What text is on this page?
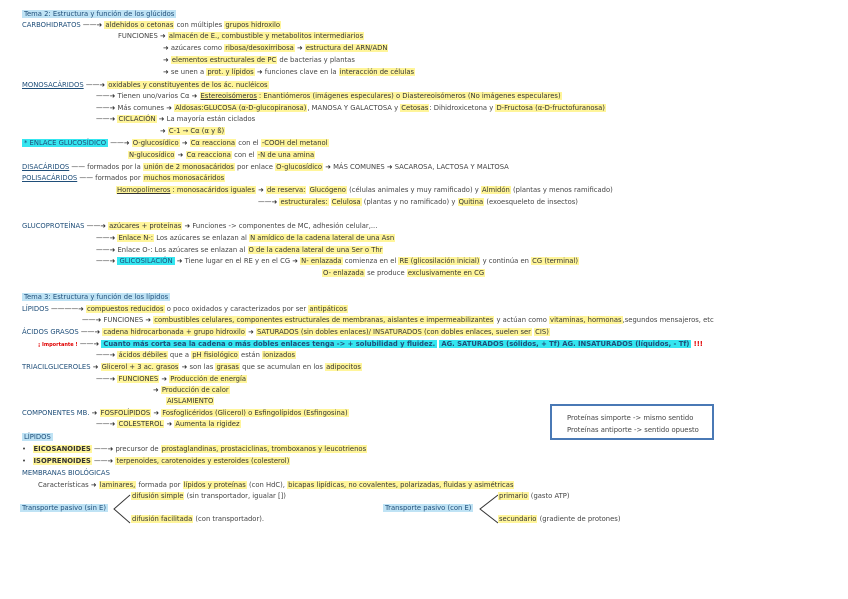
Tema 2: Estructura y función de los glúcidos
CARBOHIDRATOS ——➜ aldehidos o cetonas con múltiples grupos hidroxilo
FUNCIONES ➜ almacén de E., combustible y metabolitos intermediarios
➜ azúcares como ribosa/desoxirribosa ➜ estructura del ARN/ADN
➜ elementos estructurales de PC de bacterias y plantas
➜ se unen a prot. y lípidos ➜ funciones clave en la interacción de células
MONOSACÁRIDOS ——➜ oxidables y constituyentes de los ác. nucléicos
——➜ Tienen uno/varios Cα ➜ Estereoisómeros : Enantiómeros (imágenes especulares) o Diastereoisómeros (No imágenes especulares)
——➜ Más comunes ➜ Aldosas:GLUCOSA (α-D-glucopiranosa), MANOSA Y GALACTOSA y Cetosas: Dihidroxicetona y D-Fructosa (α-D-fructofuranosa)
——➜ CICLACIÓN ➜ La mayoría están ciclados
➜ C-1 → Cα (α y ß)
* ENLACE GLUCOSÍDICO ——➜ O-glucosídico ➜ Cα reacciona con el -COOH del metanol
N-glucosídico ➜ Cα reacciona con el -N de una amina
DISACÁRIDOS —— formados por la unión de 2 monosacáridos por enlace O-glucosídico ➜ MÁS COMUNES ➜ SACAROSA, LACTOSA Y MALTOSA
POLISACÁRIDOS —— formados por muchos monosacáridos
Homopolímeros : monosacáridos iguales ➜ de reserva: Glucógeno (células animales y muy ramificado) y Almidón (plantas y menos ramificado)
——➜ estructurales: Celulosa (plantas y no ramificado) y Quitina (exoesqueleto de insectos)
GLUCOPROTEÍNAS ——➜ azúcares + proteínas ➜ Funciones -> componentes de MC, adhesión celular,...
——➜ Enlace N-: Los azúcares se enlazan al N amídico de la cadena lateral de una Asn
——➜ Enlace O-: Los azúcares se enlazan al O de la cadena lateral de una Ser o Thr
——➜ GLICOSILACIÓN ➜ Tiene lugar en el RE y en el CG ➜ N- enlazada comienza en el RE (glicosilación inicial) y continúa en CG (terminal)
O- enlazada se produce exclusivamente en CG
Tema 3: Estructura y función de los lípidos
LÍPIDOS ————➜ compuestos reducidos o poco oxidados y caracterizados por ser antipáticos
——➜ FUNCIONES ➜ combustibles celulares, componentes estructurales de membranas, aislantes e impermeabilizantes y actúan como vitaminas, hormonas,segundos mensajeros, etc
ÁCIDOS GRASOS ——➜ cadena hidrocarbonada + grupo hidroxilo ➜ SATURADOS (sin dobles enlaces)/ INSATURADOS (con dobles enlaces, suelen ser CIS)
¡ Importante ! ——➜ Cuanto más corta sea la cadena o más dobles enlaces tenga -> + solubilidad y fluidez. AG. SATURADOS (sólidos, + Tf) AG. INSATURADOS (líquidos, - Tf) !!!
——➜ ácidos débiles que a pH fisiológico están ionizados
TRIACILGLICEROLES ➜ Glicerol + 3 ac. grasos ➜ son las grasas que se acumulan en los adipocitos
——➜ FUNCIONES ➜ Producción de energía
➜ Producción de calor
AISLAMIENTO
COMPONENTES MB. ➜ FOSFOLÍPIDOS ➜ Fosfoglicéridos (Glicerol) o Esfingolípidos (Esfingosina)
——➜ COLESTEROL ➜ Aumenta la rigidez
LÍPIDOS
•   EICOSANOIDES ——➜ precursor de prostaglandinas, prostaciclinas, tromboxanos y leucotrienos
•   ISOPRENOIDES ——➜ terpenoides, carotenoides y esteroides (colesterol)
MEMBRANAS BIOLÓGICAS
Características ➜ laminares, formada por lípidos y proteínas (con HdC), bicapas lipídicas, no covalentes, polarizadas, fluidas y asimétricas
Transporte pasivo (sin E)
difusión simple (sin transportador, igualar [])
difusión facilitada (con transportador).
Transporte pasivo (con E)
primario (gasto ATP)
secundario (gradiente de protones)
Proteínas simporte -> mismo sentido
Proteínas antiporte -> sentido opuesto
